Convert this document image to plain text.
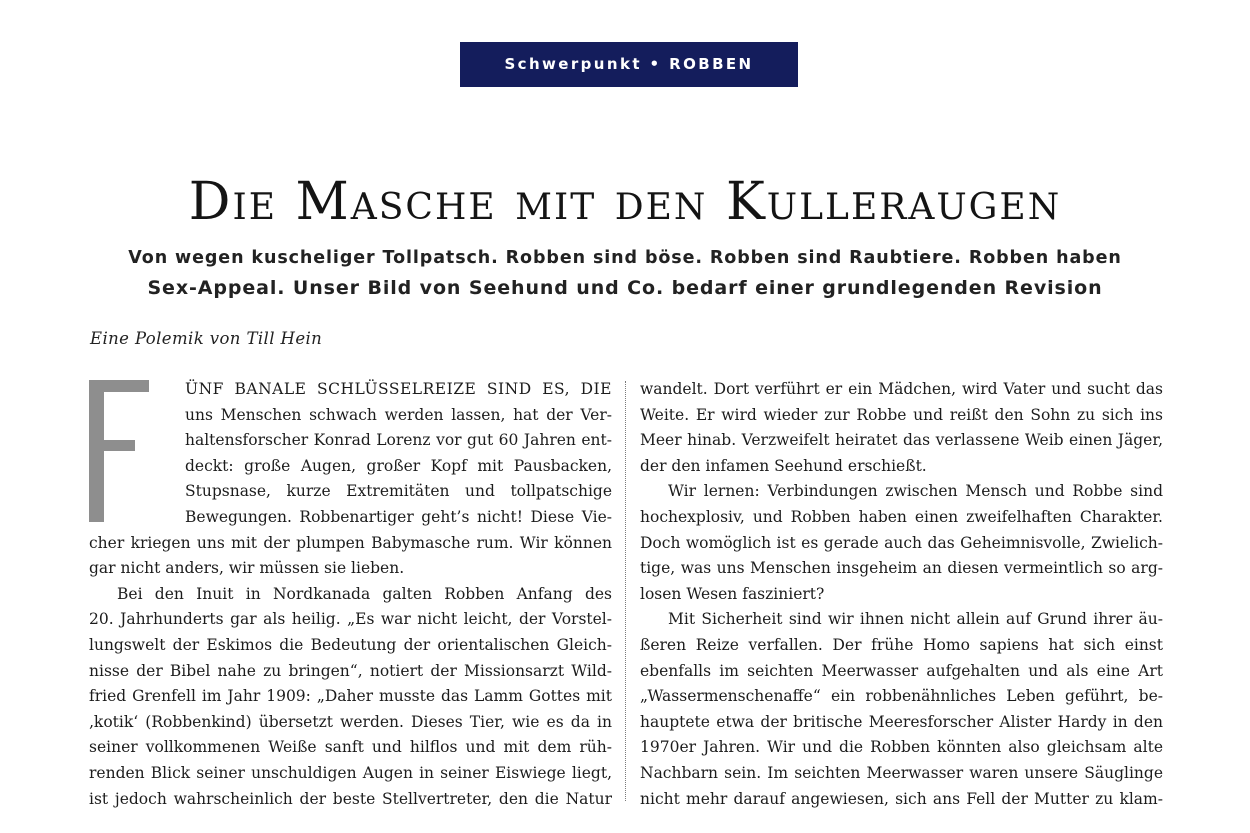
Schwerpunkt • ROBBEN
Die Masche mit den Kulleraugen
Von wegen kuscheliger Tollpatsch. Robben sind böse. Robben sind Raubtiere. Robben haben
Sex-Appeal. Unser Bild von Seehund und Co. bedarf einer grundlegenden Revision
Eine Polemik von Till Hein
ÜNF BANALE SCHLÜSSELREIZE SIND ES, DIE
uns Menschen schwach werden lassen, hat der Ver-
haltensforscher Konrad Lorenz vor gut 60 Jahren ent-
deckt: große Augen, großer Kopf mit Pausbacken,
Stupsnase, kurze Extremitäten und tollpatschige
Bewegungen. Robbenartiger geht’s nicht! Diese Vie-
cher kriegen uns mit der plumpen Babymasche rum. Wir können
gar nicht anders, wir müssen sie lieben.
Bei den Inuit in Nordkanada galten Robben Anfang des
20. Jahrhunderts gar als heilig. „Es war nicht leicht, der Vorstel-
lungswelt der Eskimos die Bedeutung der orientalischen Gleich-
nisse der Bibel nahe zu bringen“, notiert der Missionsarzt Wild-
fried Grenfell im Jahr 1909: „Daher musste das Lamm Gottes mit
‚kotik‘ (Robbenkind) übersetzt werden. Dieses Tier, wie es da in
seiner vollkommenen Weiße sanft und hilflos und mit dem rüh-
renden Blick seiner unschuldigen Augen in seiner Eiswiege liegt,
ist jedoch wahrscheinlich der beste Stellvertreter, den die Natur
wandelt. Dort verführt er ein Mädchen, wird Vater und sucht das
Weite. Er wird wieder zur Robbe und reißt den Sohn zu sich ins
Meer hinab. Verzweifelt heiratet das verlassene Weib einen Jäger,
der den infamen Seehund erschießt.
Wir lernen: Verbindungen zwischen Mensch und Robbe sind
hochexplosiv, und Robben haben einen zweifelhaften Charakter.
Doch womöglich ist es gerade auch das Geheimnisvolle, Zwielich-
tige, was uns Menschen insgeheim an diesen vermeintlich so arg-
losen Wesen fasziniert?
Mit Sicherheit sind wir ihnen nicht allein auf Grund ihrer äu-
ßeren Reize verfallen. Der frühe Homo sapiens hat sich einst
ebenfalls im seichten Meerwasser aufgehalten und als eine Art
„Wassermenschenaffe“ ein robbenähnliches Leben geführt, be-
hauptete etwa der britische Meeresforscher Alister Hardy in den
1970er Jahren. Wir und die Robben könnten also gleichsam alte
Nachbarn sein. Im seichten Meerwasser waren unsere Säuglinge
nicht mehr darauf angewiesen, sich ans Fell der Mutter zu klam-
